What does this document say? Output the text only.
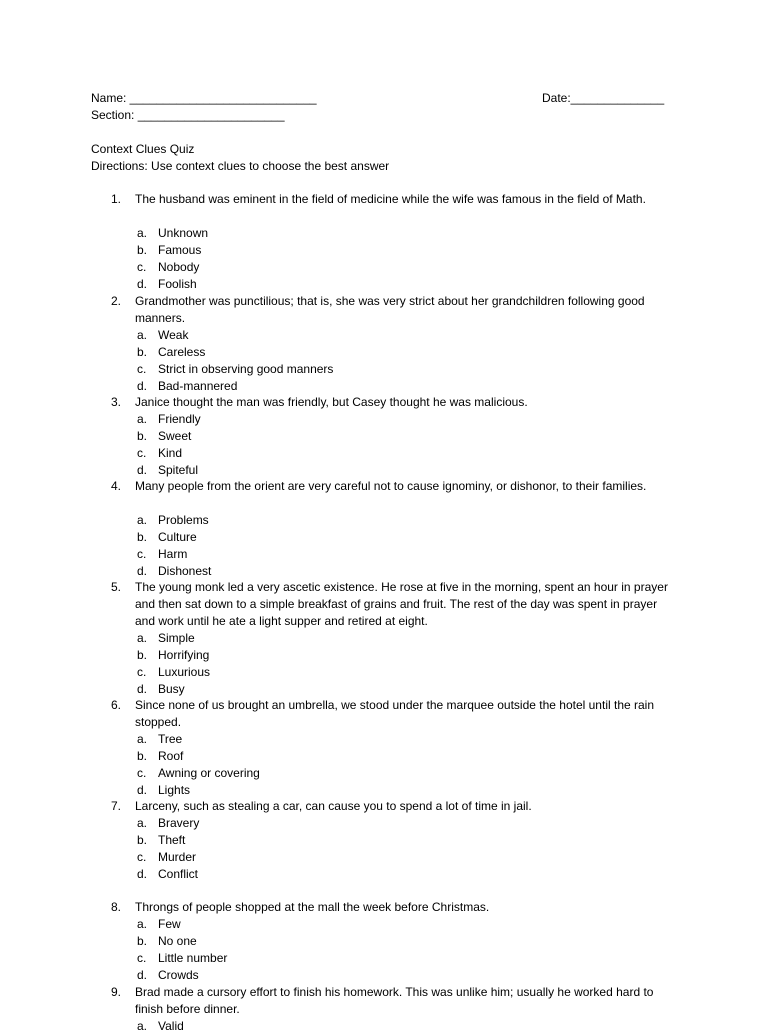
Name: ____________________________	Date:______________
Section: ______________________
Context Clues Quiz
Directions: Use context clues to choose the best answer
1.	The husband was eminent in the field of medicine while the wife was famous in the field of Math.
a. Unknown
b. Famous
c. Nobody
d. Foolish
2.	Grandmother was punctilious; that is, she was very strict about her grandchildren following good manners.
a. Weak
b. Careless
c. Strict in observing good manners
d. Bad-mannered
3.	Janice thought the man was friendly, but Casey thought he was malicious.
a. Friendly
b. Sweet
c. Kind
d. Spiteful
4.	Many people from the orient are very careful not to cause ignominy, or dishonor, to their families.
a. Problems
b. Culture
c. Harm
d. Dishonest
5.	The young monk led a very ascetic existence. He rose at five in the morning, spent an hour in prayer and then sat down to a simple breakfast of grains and fruit. The rest of the day was spent in prayer and work until he ate a light supper and retired at eight.
a. Simple
b. Horrifying
c. Luxurious
d. Busy
6.	Since none of us brought an umbrella, we stood under the marquee outside the hotel until the rain stopped.
a. Tree
b. Roof
c. Awning or covering
d. Lights
7.	Larceny, such as stealing a car, can cause you to spend a lot of time in jail.
a. Bravery
b. Theft
c. Murder
d. Conflict
8.	Throngs of people shopped at the mall the week before Christmas.
a. Few
b. No one
c. Little number
d. Crowds
9.	Brad made a cursory effort to finish his homework. This was unlike him; usually he worked hard to finish before dinner.
a. Valid
